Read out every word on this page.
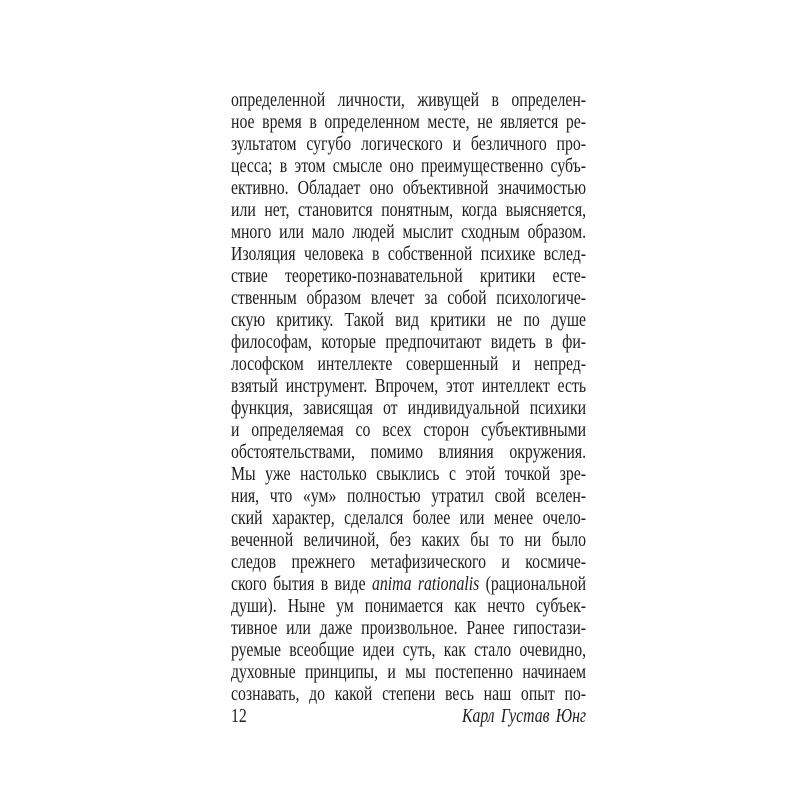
определенной личности, живущей в определен-
ное время в определенном месте, не является ре-
зультатом сугубо логического и безличного про-
цесса; в этом смысле оно преимущественно субъ-
ективно. Обладает оно объективной значимостью
или нет, становится понятным, когда выясняется,
много или мало людей мыслит сходным образом.
Изоляция человека в собственной психике вслед-
ствие теоретико-познавательной критики есте-
ственным образом влечет за собой психологиче-
скую критику. Такой вид критики не по душе
философам, которые предпочитают видеть в фи-
лософском интеллекте совершенный и непред-
взятый инструмент. Впрочем, этот интеллект есть
функция, зависящая от индивидуальной психики
и определяемая со всех сторон субъективными
обстоятельствами, помимо влияния окружения.
Мы уже настолько свыклись с этой точкой зре-
ния, что «ум» полностью утратил свой вселен-
ский характер, сделался более или менее очело-
веченной величиной, без каких бы то ни было
следов прежнего метафизического и космиче-
ского бытия в виде anima rationalis (рациональной
души). Ныне ум понимается как нечто субъек-
тивное или даже произвольное. Ранее гипостази-
руемые всеобщие идеи суть, как стало очевидно,
духовные принципы, и мы постепенно начинаем
сознавать, до какой степени весь наш опыт по-
12	Карл Густав Юнг
